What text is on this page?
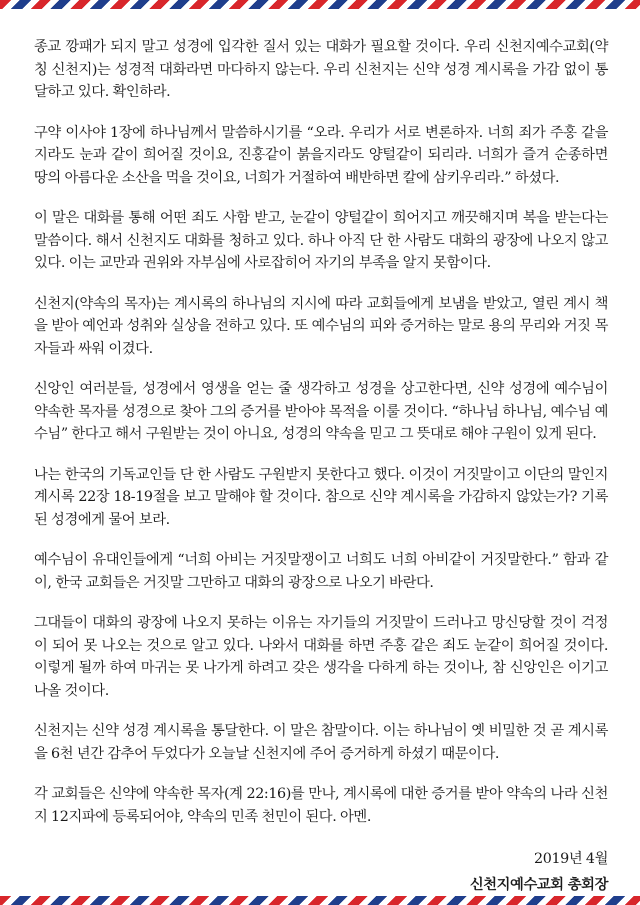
종교 깡패가 되지 말고 성경에 입각한 질서 있는 대화가 필요할 것이다. 우리 신천지예수교회(약칭 신천지)는 성경적 대화라면 마다하지 않는다. 우리 신천지는 신약 성경 계시록을 가감 없이 통달하고 있다. 확인하라.

구약 이사야 1장에 하나님께서 말씀하시기를 “오라. 우리가 서로 변론하자. 너희 죄가 주홍 같을지라도 눈과 같이 희어질 것이요, 진홍같이 붉을지라도 양털같이 되리라. 너희가 즐겨 순종하면 땅의 아름다운 소산을 먹을 것이요, 너희가 거절하여 배반하면 칼에 삼키우리라.” 하셨다.

이 말은 대화를 통해 어떤 죄도 사함 받고, 눈같이 양털같이 희어지고 깨끗해지며 복을 받는다는 말씀이다. 해서 신천지도 대화를 청하고 있다. 하나 아직 단 한 사람도 대화의 광장에 나오지 않고 있다. 이는 교만과 권위와 자부심에 사로잡히어 자기의 부족을 알지 못함이다.

신천지(약속의 목자)는 계시록의 하나님의 지시에 따라 교회들에게 보냄을 받았고, 열린 계시 책을 받아 예언과 성취와 실상을 전하고 있다. 또 예수님의 피와 증거하는 말로 용의 무리와 거짓 목자들과 싸워 이겼다.

신앙인 여러분들, 성경에서 영생을 얻는 줄 생각하고 성경을 상고한다면, 신약 성경에 예수님이 약속한 목자를 성경으로 찾아 그의 증거를 받아야 목적을 이룰 것이다. “하나님 하나님, 예수님 예수님” 한다고 해서 구원받는 것이 아니요, 성경의 약속을 믿고 그 뜻대로 해야 구원이 있게 된다.

나는 한국의 기독교인들 단 한 사람도 구원받지 못한다고 했다. 이것이 거짓말이고 이단의 말인지 계시록 22장 18-19절을 보고 말해야 할 것이다. 참으로 신약 계시록을 가감하지 않았는가? 기록된 성경에게 물어 보라.

예수님이 유대인들에게 “너희 아비는 거짓말쟁이고 너희도 너희 아비같이 거짓말한다.” 함과 같이, 한국 교회들은 거짓말 그만하고 대화의 광장으로 나오기 바란다.

그대들이 대화의 광장에 나오지 못하는 이유는 자기들의 거짓말이 드러나고 망신당할 것이 걱정이 되어 못 나오는 것으로 알고 있다. 나와서 대화를 하면 주홍 같은 죄도 눈같이 희어질 것이다. 이렇게 될까 하여 마귀는 못 나가게 하려고 갖은 생각을 다하게 하는 것이나, 참 신앙인은 이기고 나올 것이다.

신천지는 신약 성경 계시록을 통달한다. 이 말은 참말이다. 이는 하나님이 옛 비밀한 것 곧 계시록을 6천 년간 감추어 두었다가 오늘날 신천지에 주어 증거하게 하셨기 때문이다.

각 교회들은 신약에 약속한 목자(계 22:16)를 만나, 계시록에 대한 증거를 받아 약속의 나라 신천지 12지파에 등록되어야, 약속의 민족 천민이 된다. 아멘.

2019년 4월
신천지예수교회 총회장
